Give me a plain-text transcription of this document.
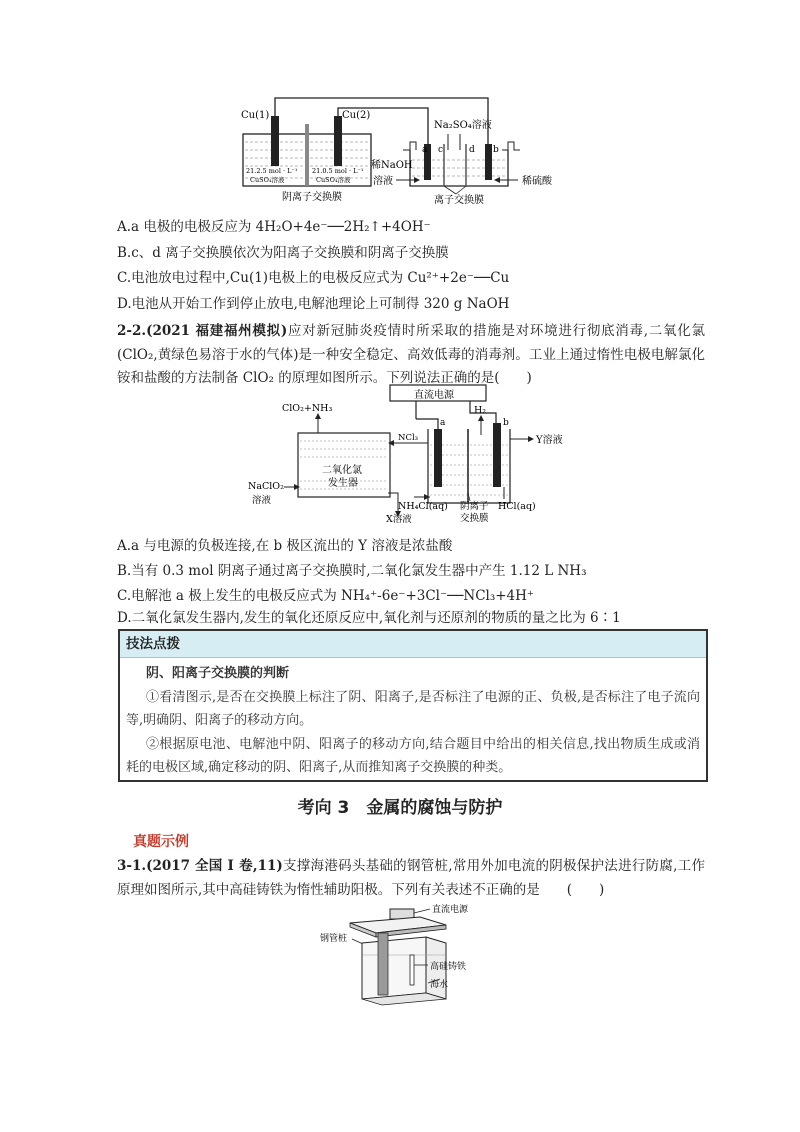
Cu(1)	Cu(2)
21.2.5 mol · L⁻¹
CuSO₄溶液
21.0.5 mol · L⁻¹
CuSO₄溶液
阴离子交换膜
Na₂SO₄溶液
a c	d b
稀NaOH
溶液	稀硫酸
离子交换膜
A.a 电极的电极反应为 4H₂O+4e⁻──2H₂↑+4OH⁻
B.c、d 离子交换膜依次为阳离子交换膜和阴离子交换膜
C.电池放电过程中,Cu(1)电极上的电极反应式为 Cu²⁺+2e⁻──Cu
D.电池从开始工作到停止放电,电解池理论上可制得 320 g NaOH
2-2.(2021 福建福州模拟)应对新冠肺炎疫情时所采取的措施是对环境进行彻底消毒,二氧化氯(ClO₂,黄绿色易溶于水的气体)是一种安全稳定、高效低毒的消毒剂。工业上通过惰性电极电解氯化铵和盐酸的方法制备 ClO₂ 的原理如图所示。下列说法正确的是(　　)
直流电源
二氧化氯
发生器
ClO₂+NH₃
NCl₃
a	b
H₂
Y溶液
NaClO₂
溶液
X溶液
NH₄Cl(aq) 阴离子
交换膜
HCl(aq)
A.a 与电源的负极连接,在 b 极区流出的 Y 溶液是浓盐酸
B.当有 0.3 mol 阴离子通过离子交换膜时,二氧化氯发生器中产生 1.12 L NH₃
C.电解池 a 极上发生的电极反应式为 NH₄⁺-6e⁻+3Cl⁻──NCl₃+4H⁺
D.二氧化氯发生器内,发生的氧化还原反应中,氧化剂与还原剂的物质的量之比为 6∶1
技法点拨
阴、阳离子交换膜的判断
①看清图示,是否在交换膜上标注了阴、阳离子,是否标注了电源的正、负极,是否标注了电子流向等,明确阴、阳离子的移动方向。
②根据原电池、电解池中阴、阳离子的移动方向,结合题目中给出的相关信息,找出物质生成或消耗的电极区域,确定移动的阴、阳离子,从而推知离子交换膜的种类。
考向 3　金属的腐蚀与防护
真题示例
3-1.(2017 全国 Ⅰ 卷,11)支撑海港码头基础的钢管桩,常用外加电流的阴极保护法进行防腐,工作原理如图所示,其中高硅铸铁为惰性辅助阳极。下列有关表述不正确的是　　(　　)
直流电源
钢管桩
高硅铸铁
海水
